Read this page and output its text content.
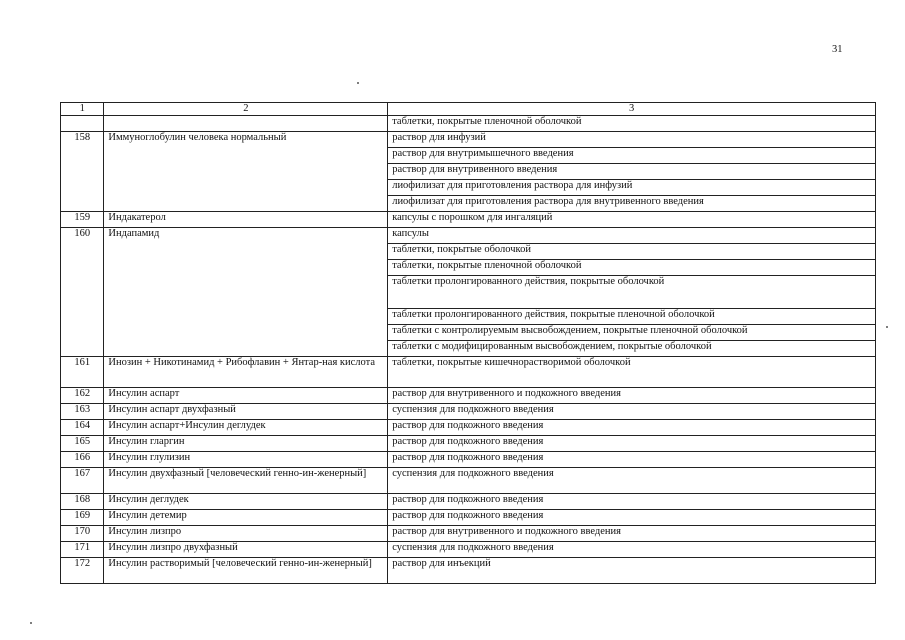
31
1	2	3
		таблетки, покрытые пленочной оболочкой
158	Иммуноглобулин человека нормальный	раствор для инфузий
		раствор для внутримышечного введения
		раствор для внутривенного введения
		лиофилизат для приготовления раствора для инфузий
		лиофилизат для приготовления раствора для внутривенного введения
159	Индакатерол	капсулы с порошком для ингаляций
160	Индапамид	капсулы
		таблетки, покрытые оболочкой
		таблетки, покрытые пленочной оболочкой
		таблетки пролонгированного действия, покрытые оболочкой
		таблетки пролонгированного действия, покрытые пленочной оболочкой
		таблетки с контролируемым высвобождением, покрытые пленочной оболочкой
		таблетки с модифицированным высвобождением, покрытые оболочкой
161	Инозин + Никотинамид + Рибофлавин + Янтар-ная кислота	таблетки, покрытые кишечнорастворимой оболочкой
162	Инсулин аспарт	раствор для внутривенного и подкожного введения
163	Инсулин аспарт двухфазный	суспензия для подкожного введения
164	Инсулин аспарт+Инсулин деглудек	раствор для подкожного введения
165	Инсулин гларгин	раствор для подкожного введения
166	Инсулин глулизин	раствор для подкожного введения
167	Инсулин двухфазный [человеческий генно-ин-женерный]	суспензия для подкожного введения
168	Инсулин деглудек	раствор для подкожного введения
169	Инсулин детемир	раствор для подкожного введения
170	Инсулин лизпро	раствор для внутривенного и подкожного введения
171	Инсулин лизпро двухфазный	суспензия для подкожного введения
172	Инсулин растворимый [человеческий генно-ин-женерный]	раствор для инъекций
